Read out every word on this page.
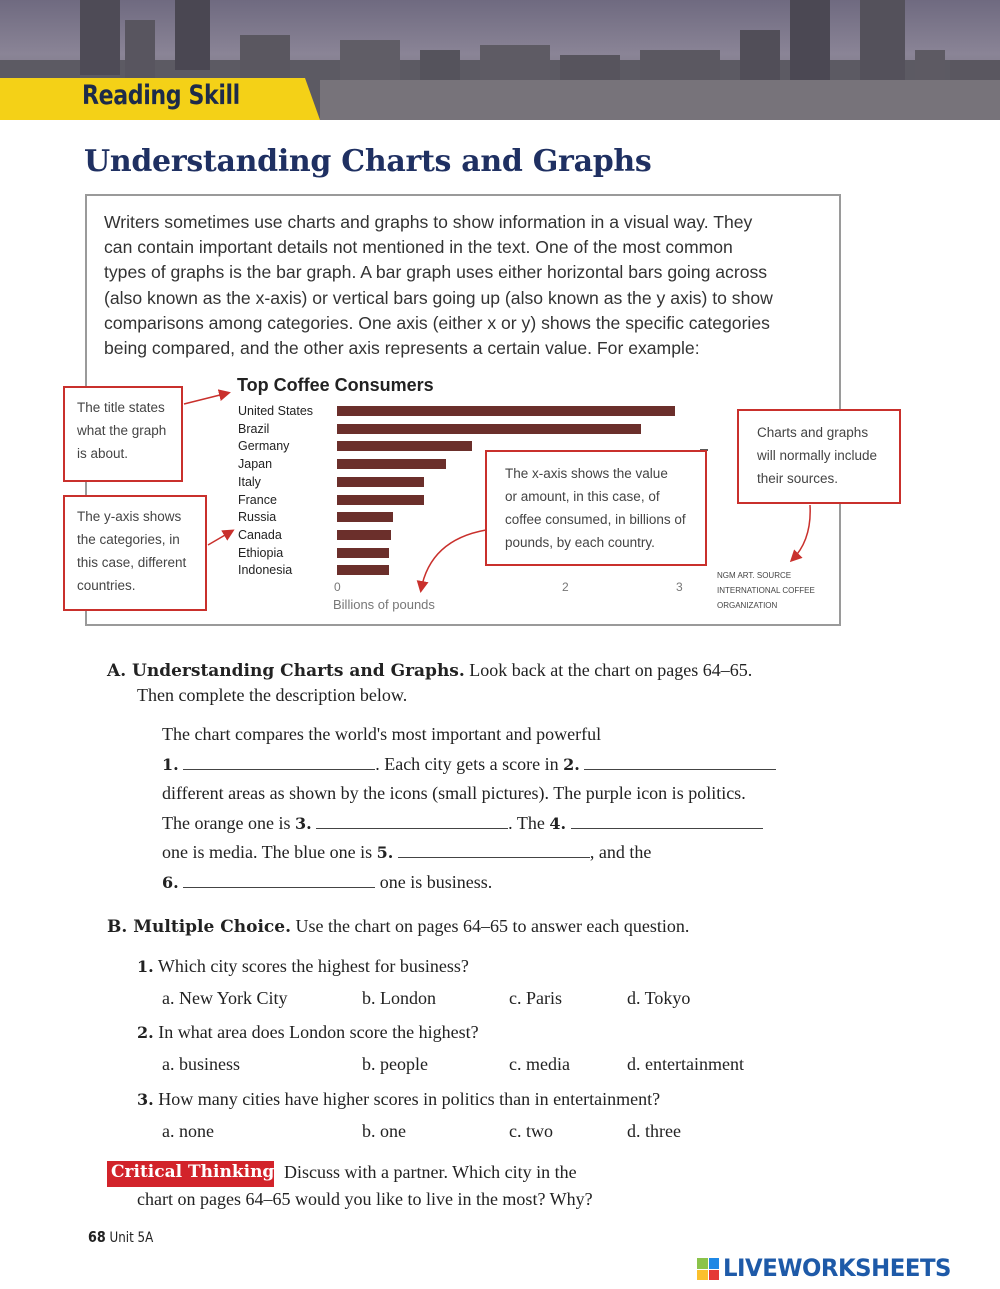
Reading Skill
Understanding Charts and Graphs
Writers sometimes use charts and graphs to show information in a visual way. They
can contain important details not mentioned in the text. One of the most common
types of graphs is the bar graph. A bar graph uses either horizontal bars going across
(also known as the x-axis) or vertical bars going up (also known as the y axis) to show
comparisons among categories. One axis (either x or y) shows the specific categories
being compared, and the other axis represents a certain value. For example:
Top Coffee Consumers
United States
Brazil
Germany
Japan
Italy
France
Russia
Canada
Ethiopia
Indonesia
0	2	3
Billions of pounds
NGM ART. SOURCE
INTERNATIONAL COFFEE
ORGANIZATION
The title states
what the graph
is about.
The y-axis shows
the categories, in
this case, different
countries.
The x-axis shows the value
or amount, in this case, of
coffee consumed, in billions of
pounds, by each country.
Charts and graphs
will normally include
their sources.
A. Understanding Charts and Graphs. Look back at the chart on pages 64–65.
Then complete the description below.
The chart compares the world's most important and powerful
1.	. Each city gets a score in 2.
different areas as shown by the icons (small pictures). The purple icon is politics.
The orange one is 3.	. The 4.
one is media. The blue one is 5.	, and the
6.	one is business.
B. Multiple Choice. Use the chart on pages 64–65 to answer each question.
1. Which city scores the highest for business?
a. New York City	b. London	c. Paris	d. Tokyo
2. In what area does London score the highest?
a. business	b. people	c. media	d. entertainment
3. How many cities have higher scores in politics than in entertainment?
a. none	b. one	c. two	d. three
Critical Thinking Discuss with a partner. Which city in the
chart on pages 64–65 would you like to live in the most? Why?
68 Unit 5A
LIVEWORKSHEETS
